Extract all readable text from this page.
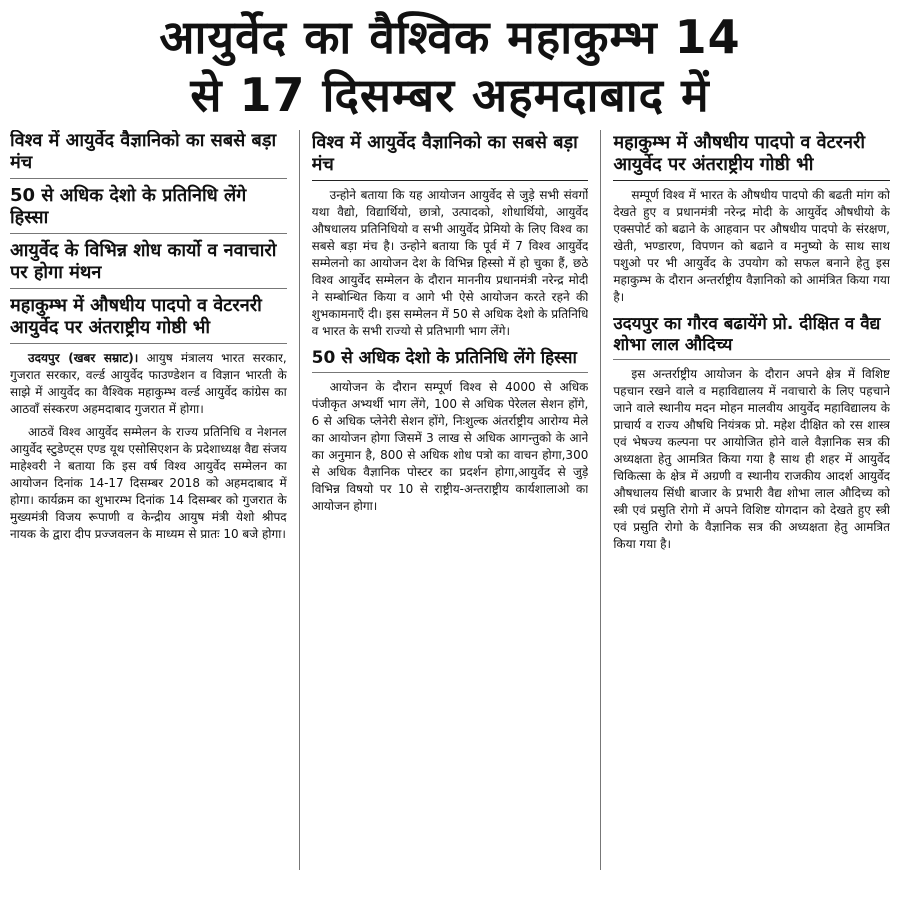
आयुर्वेद का वैश्विक महाकुम्भ 14
से 17 दिसम्बर अहमदाबाद में
विश्व में आयुर्वेद वैज्ञानिको का सबसे बड़ा मंच
50 से अधिक देशो के प्रतिनिधि लेंगे हिस्सा
आयुर्वेद के विभिन्न शोध कार्यो व नवाचारो पर होगा मंथन
महाकुम्भ में औषधीय पादपो व वेटरनरी आयुर्वेद पर अंतराष्ट्रीय गोष्ठी भी
उदयपुर (खबर सम्राट)। आयुष मंत्रालय भारत सरकार, गुजरात सरकार, वर्ल्ड आयुर्वेद फाउण्डेशन व विज्ञान भारती के साझे में आयुर्वेद का वैश्विक महाकुम्भ वर्ल्ड आयुर्वेद कांग्रेस का आठवाँ संस्करण अहमदाबाद गुजरात में होगा।
आठवें विश्व आयुर्वेद सम्मेलन के राज्य प्रतिनिधि व नेशनल आयुर्वेद स्टुडेण्ट्स एण्ड यूथ एसोसिएशन के प्रदेशाध्यक्ष वैद्य संजय माहेश्वरी ने बताया कि इस वर्ष विश्व आयुर्वेद सम्मेलन का आयोजन दिनांक 14-17 दिसम्बर 2018 को अहमदाबाद में होगा। कार्यक्रम का शुभारम्भ दिनांक 14 दिसम्बर को गुजरात के मुख्यमंत्री विजय रूपाणी व केन्द्रीय आयुष मंत्री येशो श्रीपद नायक के द्वारा दीप प्रज्जवलन के माध्यम से प्रातः 10 बजे होगा।
विश्व में आयुर्वेद वैज्ञानिको का सबसे बड़ा मंच
उन्होने बताया कि यह आयोजन आयुर्वेद से जुड़े सभी संवर्गो यथा वैद्यो, विद्यार्थियो, छात्रो, उत्पादको, शोधार्थियो, आयुर्वेद औषधालय प्रतिनिधियो व सभी आयुर्वेद प्रेमियो के लिए विश्व का सबसे बड़ा मंच है। उन्होने बताया कि पूर्व में 7 विश्व आयुर्वेद सम्मेलनो का आयोजन देश के विभिन्न हिस्सो में हो चुका हैं, छठे विश्व आयुर्वेद सम्मेलन के दौरान माननीय प्रधानमंत्री नरेन्द्र मोदी ने सम्बोन्धित किया व आगे भी ऐसे आयोजन करते रहने की शुभकामनाएँ दी। इस सम्मेलन में 50 से अधिक देशो के प्रतिनिधि व भारत के सभी राज्यो से प्रतिभागी भाग लेंगे।
50 से अधिक देशो के प्रतिनिधि लेंगे हिस्सा
आयोजन के दौरान सम्पूर्ण विश्व से 4000 से अधिक पंजीकृत अभ्यर्थी भाग लेंगे, 100 से अधिक पेरेलल सेशन होंगे, 6 से अधिक प्लेनेरी सेशन होंगे, निःशुल्क अंतर्राष्ट्रीय आरोग्य मेले का आयोजन होगा जिसमें 3 लाख से अधिक आगन्तुको के आने का अनुमान है, 800 से अधिक शोध पत्रो का वाचन होगा,300 से अधिक वैज्ञानिक पोस्टर का प्रदर्शन होगा,आयुर्वेद से जुड़े विभिन्न विषयो पर 10 से राष्ट्रीय-अन्तराष्ट्रीय कार्यशालाओ का आयोजन होगा।
महाकुम्भ में औषधीय पादपो व वेटरनरी आयुर्वेद पर अंतराष्ट्रीय गोष्ठी भी
सम्पूर्ण विश्व में भारत के औषधीय पादपो की बढती मांग को देखते हुए व प्रधानमंत्री नरेन्द्र मोदी के आयुर्वेद औषधीयो के एक्सपोर्ट को बढाने के आहवान पर औषधीय पादपो के संरक्षण, खेती, भण्डारण, विपणन को बढाने व मनुष्यो के साथ साथ पशुओ पर भी आयुर्वेद के उपयोग को सफल बनाने हेतु इस महाकुम्भ के दौरान अन्तर्राष्ट्रीय वैज्ञानिको को आमंत्रित किया गया है।
उदयपुर का गौरव बढायेंगे प्रो. दीक्षित व वैद्य शोभा लाल औदिच्य
इस अन्तर्राष्ट्रीय आयोजन के दौरान अपने क्षेत्र में विशिष्ट पहचान रखने वाले व महाविद्यालय में नवाचारो के लिए पहचाने जाने वाले स्थानीय मदन मोहन मालवीय आयुर्वेद महाविद्यालय के प्राचार्य व राज्य औषधि नियंत्रक प्रो. महेश दीक्षित को रस शास्त्र एवं भेषज्य कल्पना पर आयोजित होने वाले वैज्ञानिक सत्र की अध्यक्षता हेतु आमत्रित किया गया है साथ ही शहर में आयुर्वेद चिकित्सा के क्षेत्र में अग्रणी व स्थानीय राजकीय आदर्श आयुर्वेद औषधालय सिंधी बाजार के प्रभारी वैद्य शोभा लाल औदिच्य को स्त्री एवं प्रसुति रोगो में अपने विशिष्ट योगदान को देखते हुए स्त्री एवं प्रसुति रोगो के वैज्ञानिक सत्र की अध्यक्षता हेतु आमत्रित किया गया है।
